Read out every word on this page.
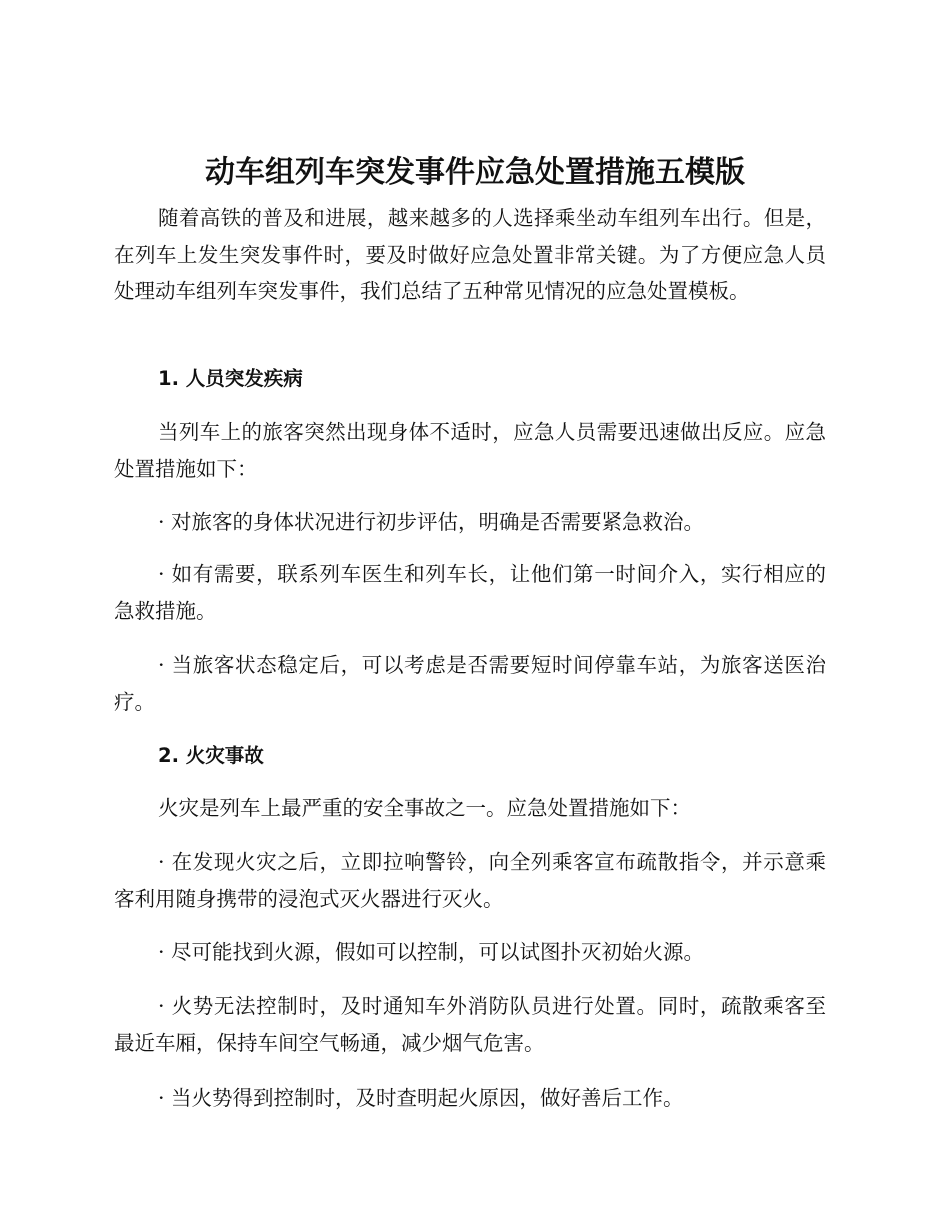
动车组列车突发事件应急处置措施五模版

随着高铁的普及和进展，越来越多的人选择乘坐动车组列车出行。但是，在列车上发生突发事件时，要及时做好应急处置非常关键。为了方便应急人员处理动车组列车突发事件，我们总结了五种常见情况的应急处置模板。

1. 人员突发疾病

当列车上的旅客突然出现身体不适时，应急人员需要迅速做出反应。应急处置措施如下：

· 对旅客的身体状况进行初步评估，明确是否需要紧急救治。

· 如有需要，联系列车医生和列车长，让他们第一时间介入，实行相应的急救措施。

· 当旅客状态稳定后，可以考虑是否需要短时间停靠车站，为旅客送医治疗。

2. 火灾事故

火灾是列车上最严重的安全事故之一。应急处置措施如下：

· 在发现火灾之后，立即拉响警铃，向全列乘客宣布疏散指令，并示意乘客利用随身携带的浸泡式灭火器进行灭火。

· 尽可能找到火源，假如可以控制，可以试图扑灭初始火源。

· 火势无法控制时，及时通知车外消防队员进行处置。同时，疏散乘客至最近车厢，保持车间空气畅通，减少烟气危害。

· 当火势得到控制时，及时查明起火原因，做好善后工作。
